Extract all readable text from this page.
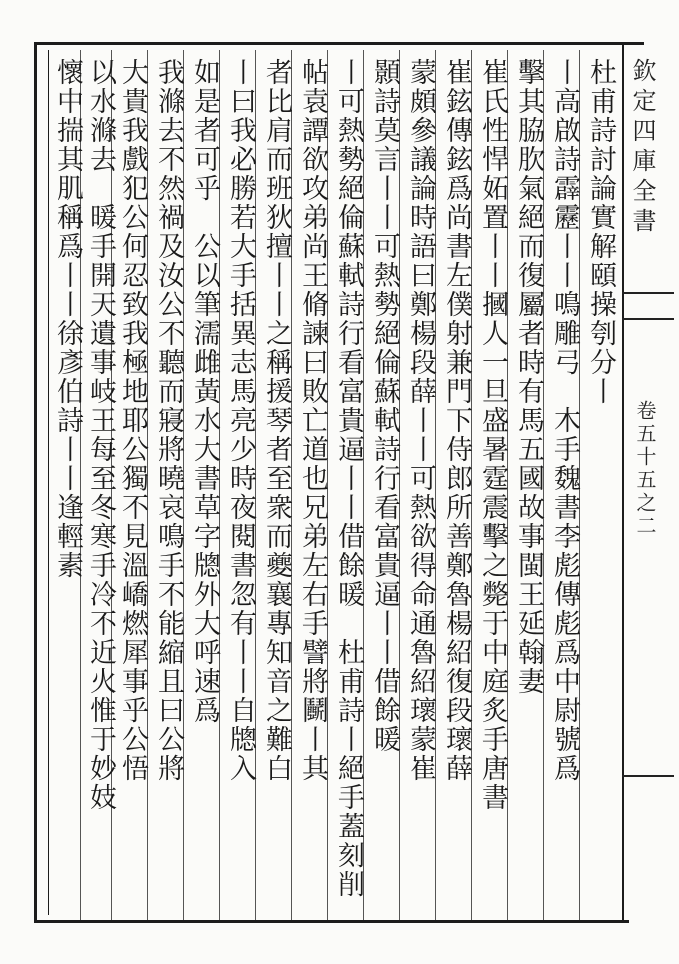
欽定四庫全書
卷五十五之二
杜甫詩討論實解頤操刳分丨
丨高啟詩霹靂丨丨鳴雕弓　木手魏書李彪傳彪爲中尉號爲
擊其脇肷氣絕而復屬者時有馬五國故事閩王延翰妻
崔氏性悍妬置丨丨摑人一旦盛暑霆震擊之斃于中庭炙手唐書
崔鉉傳鉉爲尚書左僕射兼門下侍郎所善鄭魯楊紹復段瓌薛
蒙頗參議論時語曰鄭楊段薛丨丨可熱欲得命通魯紹瓌蒙崔
顥詩莫言丨丨可熱勢絕倫蘇軾詩行看富貴逼丨丨借餘暖
丨可熱勢絕倫蘇軾詩行看富貴逼丨丨借餘暖　杜甫詩丨絕手蓋刻削
帖袁譚欲攻弟尚王脩諫曰敗亡道也兄弟左右手譬將鬭丨其
者比肩而班狄擅丨丨之稱援琴者至衆而夔襄專知音之難白
丨曰我必勝若大手括異志馬亮少時夜閱書忽有丨丨自牕入
如是者可乎　公以筆濡雌黃水大書草字牕外大呼速爲
我滌去不然禍及汝公不聽而寢將曉哀鳴手不能縮且曰公將
大貴我戲犯公何忍致我極地耶公獨不見溫嶠燃犀事乎公悟
以水滌去　暖手開天遺事岐王每至冬寒手冷不近火惟于妙妓
懷中揣其肌稱爲丨丨徐彥伯詩丨丨逢輕素
